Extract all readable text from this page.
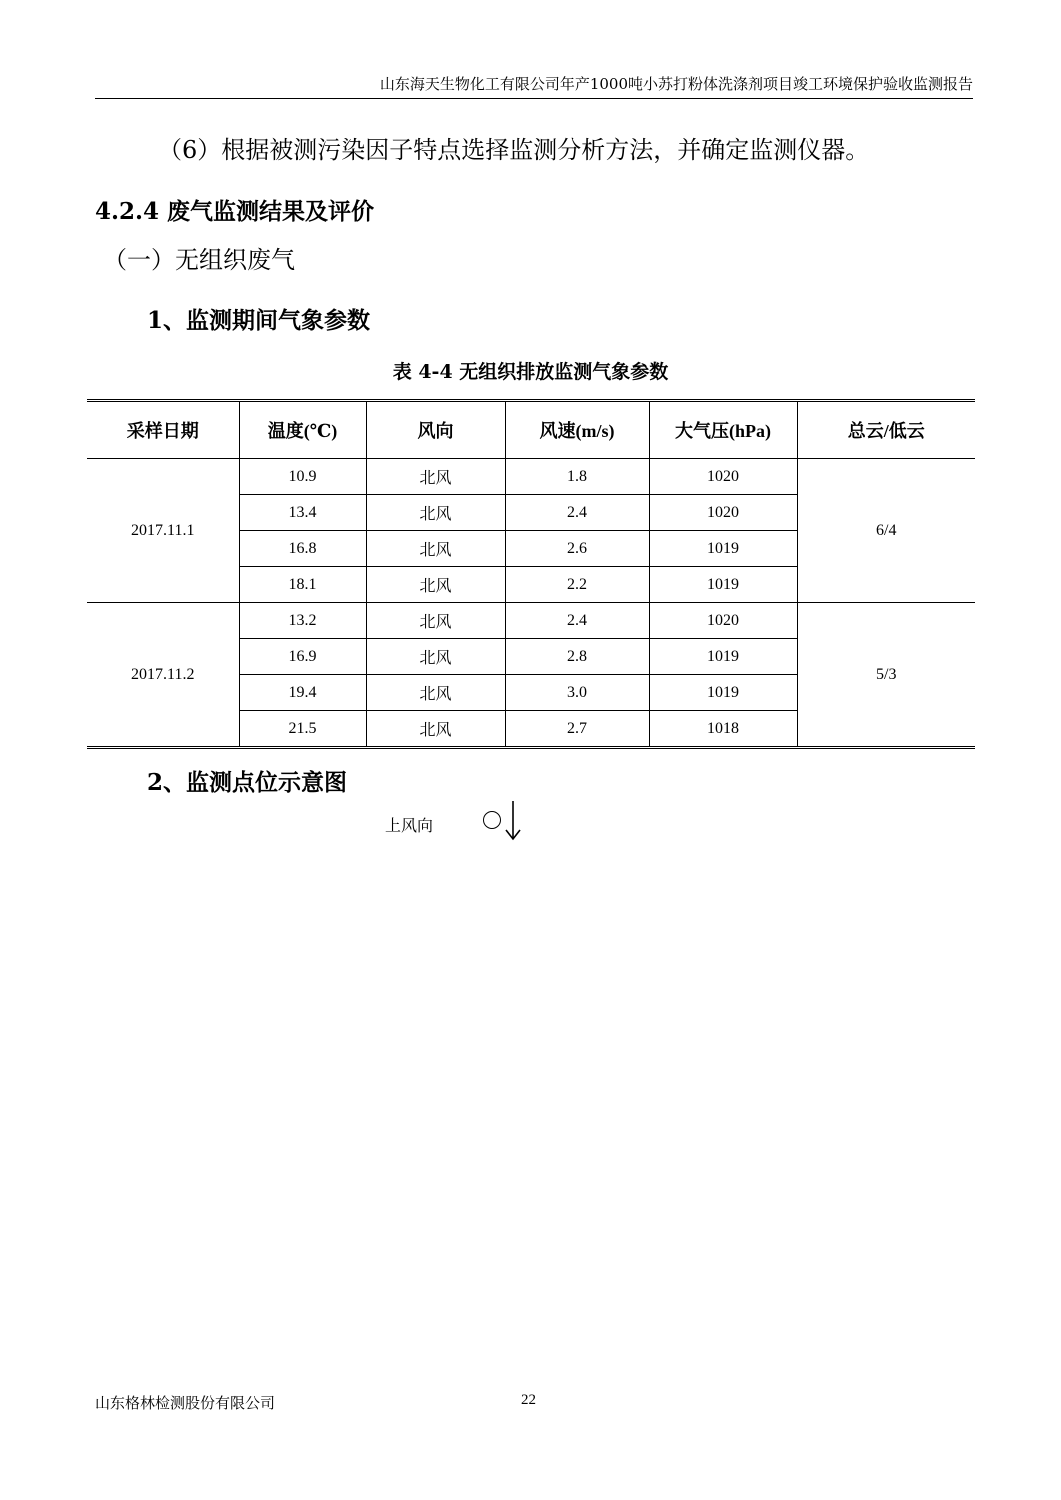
山东海天生物化工有限公司年产1000吨小苏打粉体洗涤剂项目竣工环境保护验收监测报告
（6）根据被测污染因子特点选择监测分析方法，并确定监测仪器。
4.2.4 废气监测结果及评价
（一）无组织废气
1、监测期间气象参数
表 4-4 无组织排放监测气象参数
采样日期	温度(℃)	风向	风速(m/s)	大气压(hPa)	总云/低云
2017.11.1	10.9	北风	1.8	1020	6/4
	13.4	北风	2.4	1020	
	16.8	北风	2.6	1019	
	18.1	北风	2.2	1019	
2017.11.2	13.2	北风	2.4	1020	5/3
	16.9	北风	2.8	1019	
	19.4	北风	3.0	1019	
	21.5	北风	2.7	1018	
2、监测点位示意图
上风向
山东格林检测股份有限公司	22
